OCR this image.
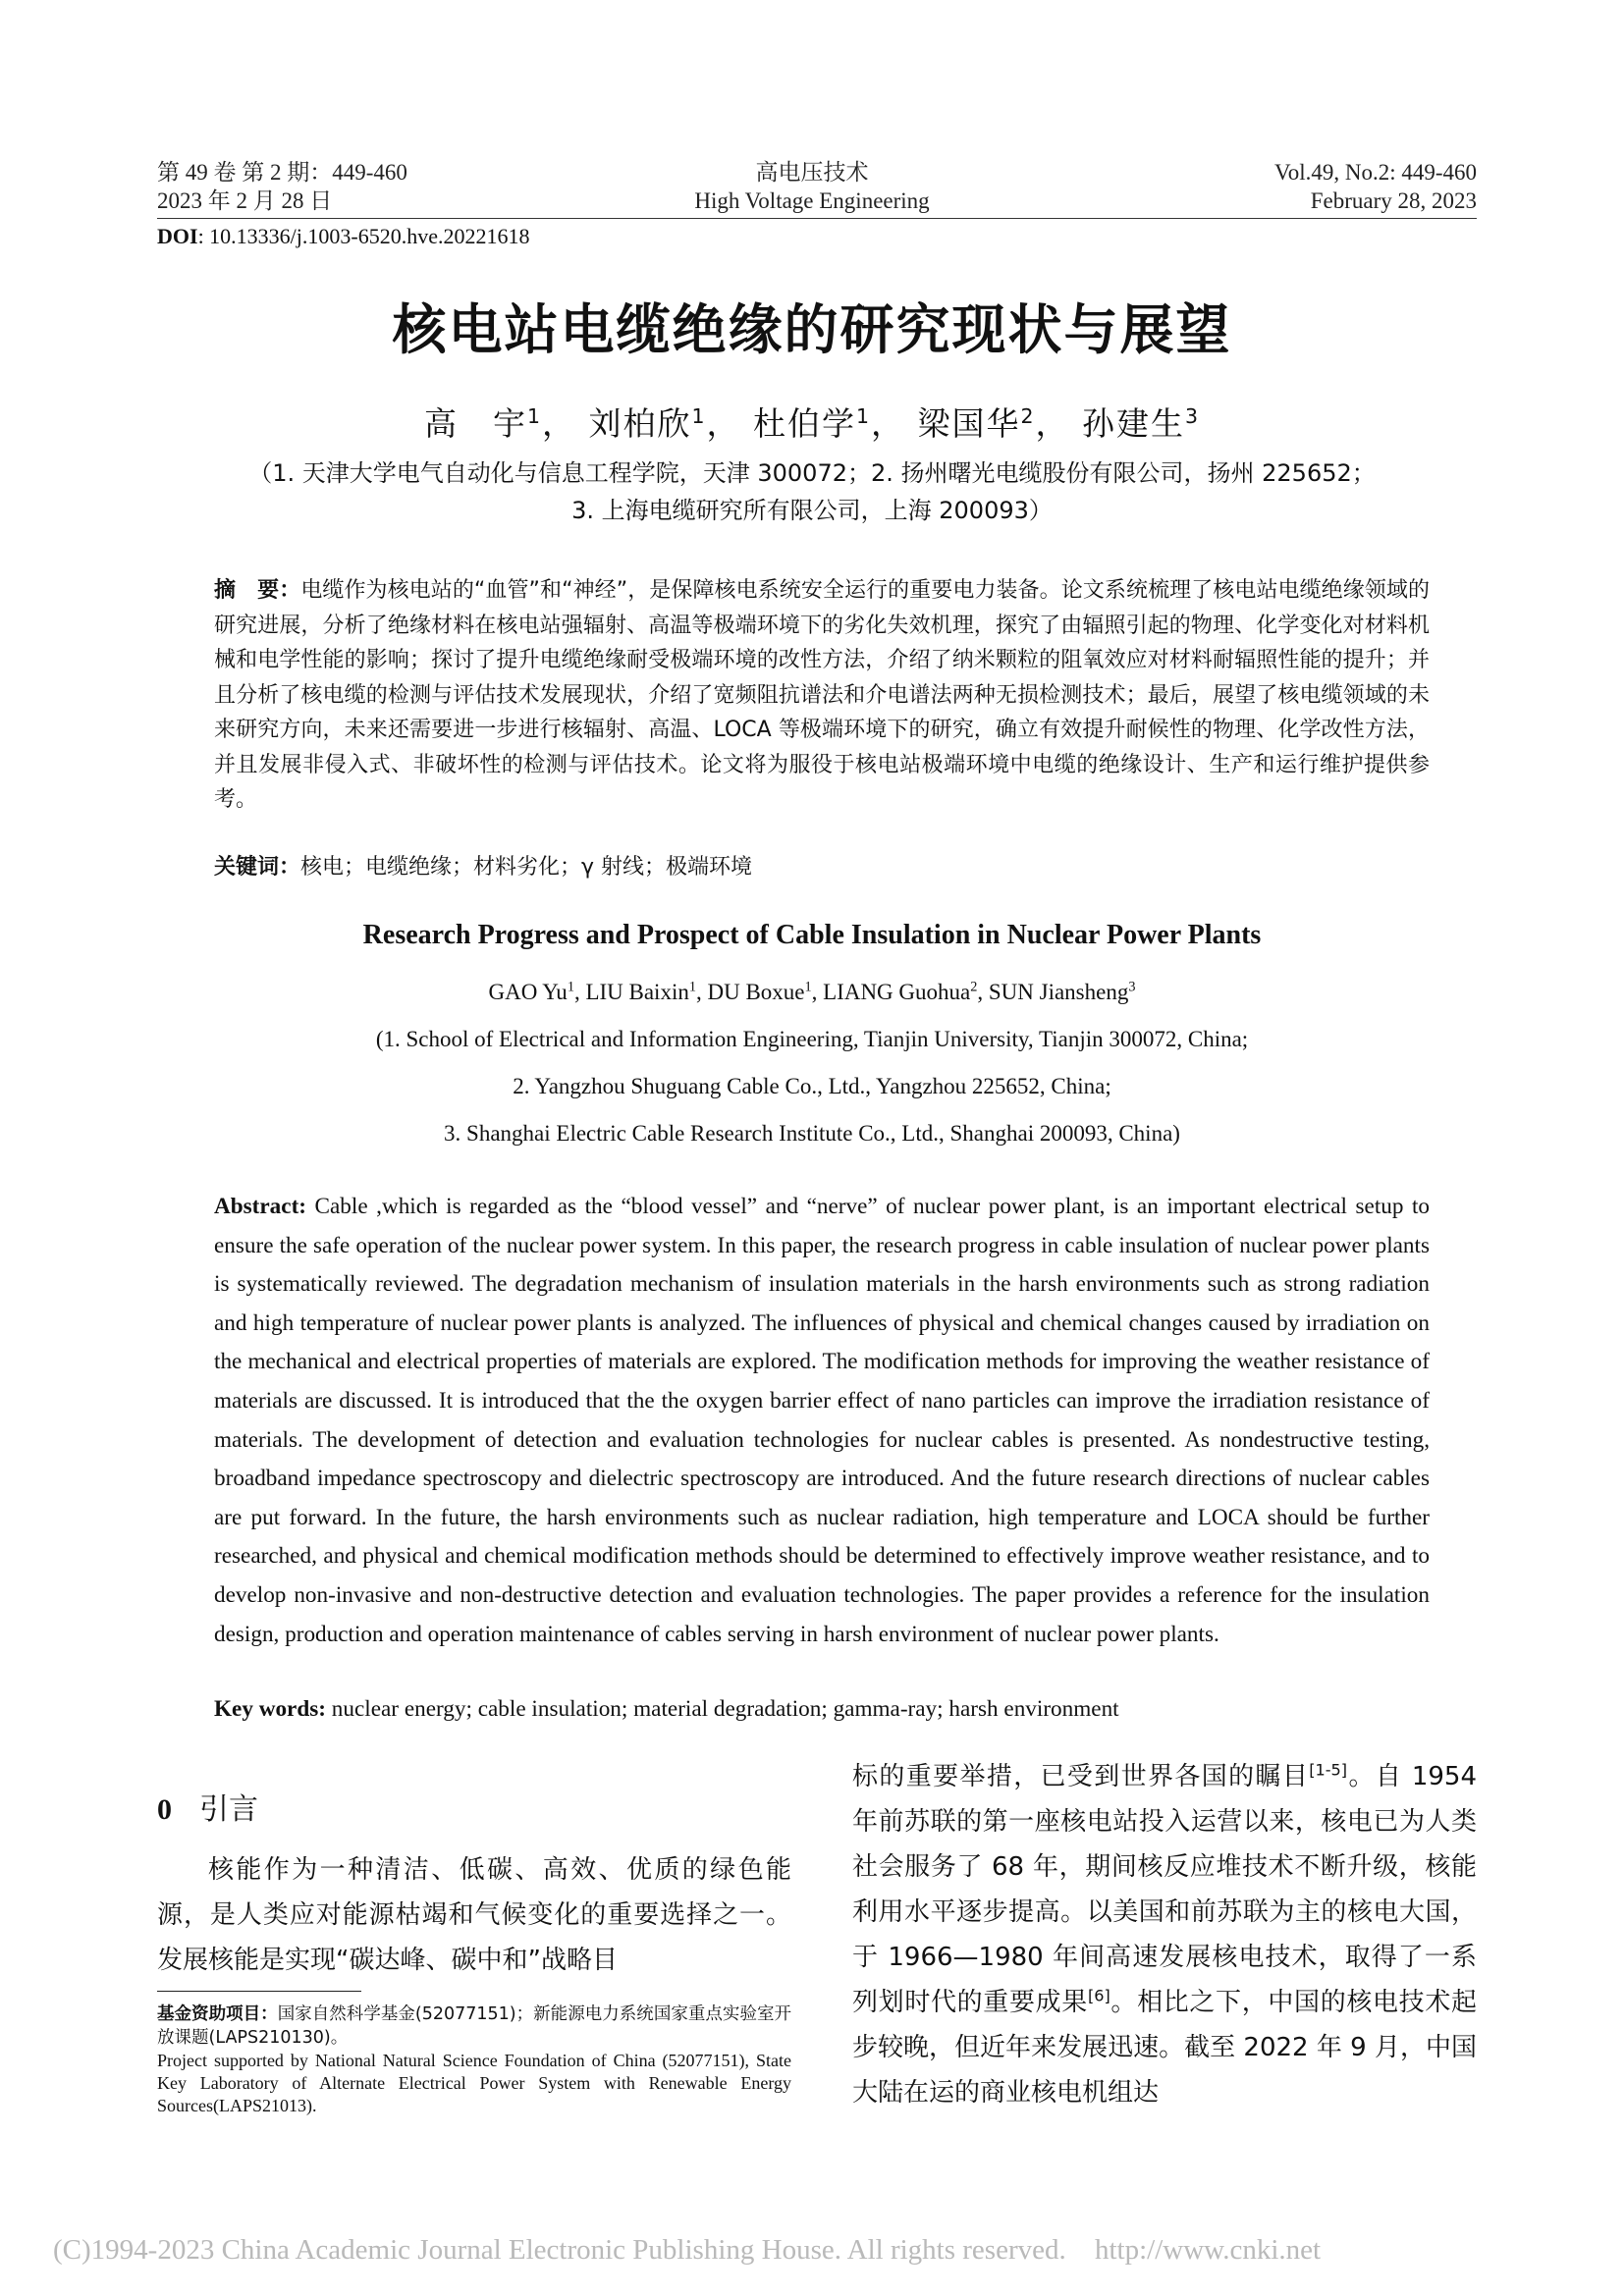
第 49 卷 第 2 期：449-460
2023 年 2 月 28 日
高电压技术
High Voltage Engineering
Vol.49, No.2: 449-460
February 28, 2023
DOI: 10.13336/j.1003-6520.hve.20221618
核电站电缆绝缘的研究现状与展望
高　宇$^1$， 刘柏欣$^1$， 杜伯学$^1$， 梁国华$^2$， 孙建生$^3$
（1. 天津大学电气自动化与信息工程学院，天津 300072；2. 扬州曙光电缆股份有限公司，扬州 225652；
3. 上海电缆研究所有限公司，上海 200093）
摘　要：电缆作为核电站的“血管”和“神经”，是保障核电系统安全运行的重要电力装备。论文系统梳理了核电站电缆绝缘领域的研究进展，分析了绝缘材料在核电站强辐射、高温等极端环境下的劣化失效机理，探究了由辐照引起的物理、化学变化对材料机械和电学性能的影响；探讨了提升电缆绝缘耐受极端环境的改性方法，介绍了纳米颗粒的阻氧效应对材料耐辐照性能的提升；并且分析了核电缆的检测与评估技术发展现状，介绍了宽频阻抗谱法和介电谱法两种无损检测技术；最后，展望了核电缆领域的未来研究方向，未来还需要进一步进行核辐射、高温、LOCA 等极端环境下的研究，确立有效提升耐候性的物理、化学改性方法，并且发展非侵入式、非破坏性的检测与评估技术。论文将为服役于核电站极端环境中电缆的绝缘设计、生产和运行维护提供参考。
关键词：核电；电缆绝缘；材料劣化；γ 射线；极端环境
Research Progress and Prospect of Cable Insulation in Nuclear Power Plants
GAO Yu$^1$, LIU Baixin$^1$, DU Boxue$^1$, LIANG Guohua$^2$, SUN Jiansheng$^3$
(1. School of Electrical and Information Engineering, Tianjin University, Tianjin 300072, China;
2. Yangzhou Shuguang Cable Co., Ltd., Yangzhou 225652, China;
3. Shanghai Electric Cable Research Institute Co., Ltd., Shanghai 200093, China)
Abstract: Cable ,which is regarded as the “blood vessel” and “nerve” of nuclear power plant, is an important electrical setup to ensure the safe operation of the nuclear power system. In this paper, the research progress in cable insulation of nuclear power plants is systematically reviewed. The degradation mechanism of insulation materials in the harsh environments such as strong radiation and high temperature of nuclear power plants is analyzed. The influences of physical and chemical changes caused by irradiation on the mechanical and electrical properties of materials are explored. The modification methods for improving the weather resistance of materials are discussed. It is introduced that the the oxygen barrier effect of nano particles can improve the irradiation resistance of materials. The development of detection and evaluation technologies for nuclear cables is presented. As nondestructive testing, broadband impedance spectroscopy and dielectric spectroscopy are introduced. And the future research directions of nuclear cables are put forward. In the future, the harsh environments such as nuclear radiation, high temperature and LOCA should be further researched, and physical and chemical modification methods should be determined to effectively improve weather resistance, and to develop non-invasive and non-destructive detection and evaluation technologies. The paper provides a reference for the insulation design, production and operation maintenance of cables serving in harsh environment of nuclear power plants.
Key words: nuclear energy; cable insulation; material degradation; gamma-ray; harsh environment
0 引言
核能作为一种清洁、低碳、高效、优质的绿色能源，是人类应对能源枯竭和气候变化的重要选择之一。发展核能是实现“碳达峰、碳中和”战略目
标的重要举措，已受到世界各国的瞩目[1-5]。自 1954 年前苏联的第一座核电站投入运营以来，核电已为人类社会服务了 68 年，期间核反应堆技术不断升级，核能利用水平逐步提高。以美国和前苏联为主的核电大国，于 1966—1980 年间高速发展核电技术，取得了一系列划时代的重要成果[6]。相比之下，中国的核电技术起步较晚，但近年来发展迅速。截至 2022 年 9 月，中国大陆在运的商业核电机组达
基金资助项目：国家自然科学基金(52077151)；新能源电力系统国家重点实验室开放课题(LAPS210130)。
Project supported by National Natural Science Foundation of China (52077151), State Key Laboratory of Alternate Electrical Power System with Renewable Energy Sources(LAPS21013).
(C)1994-2023 China Academic Journal Electronic Publishing House. All rights reserved. http://www.cnki.net
